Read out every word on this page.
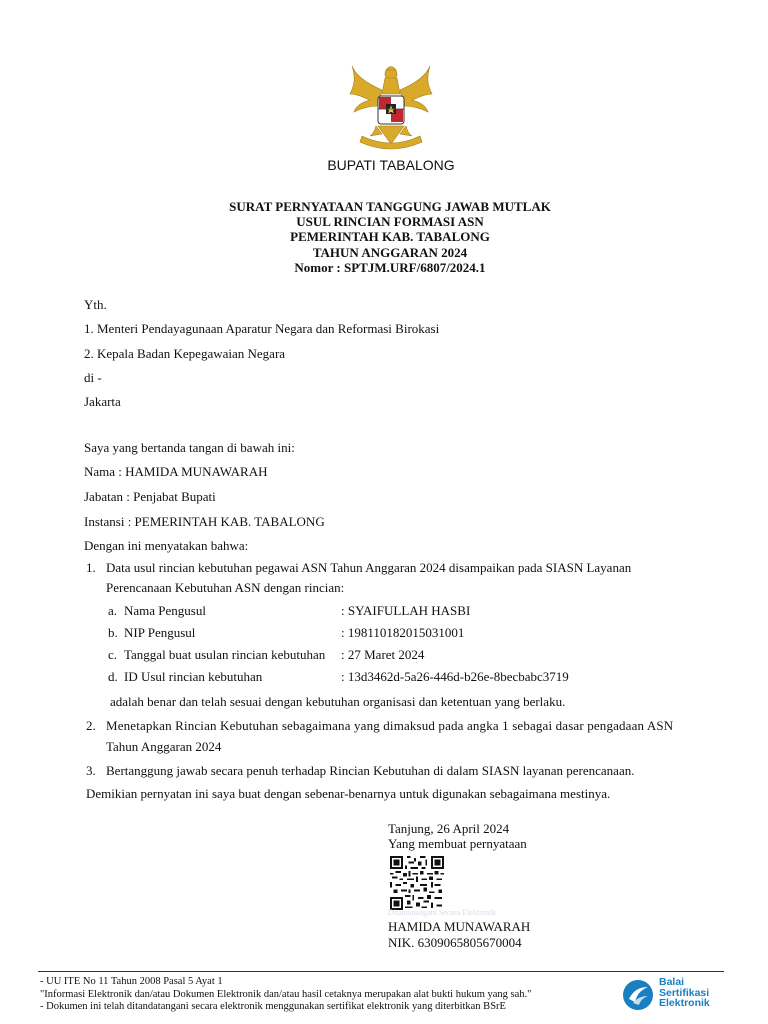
BUPATI TABALONG
SURAT PERNYATAAN TANGGUNG JAWAB MUTLAK
USUL RINCIAN FORMASI ASN
PEMERINTAH KAB. TABALONG
TAHUN ANGGARAN 2024
Nomor : SPTJM.URF/6807/2024.1
Yth.
1. Menteri Pendayagunaan Aparatur Negara dan Reformasi Birokasi
2. Kepala Badan Kepegawaian Negara
di -
Jakarta
Saya yang bertanda tangan di bawah ini:
Nama : HAMIDA MUNAWARAH
Jabatan : Penjabat Bupati
Instansi : PEMERINTAH KAB. TABALONG
Dengan ini menyatakan bahwa:
1. Data usul rincian kebutuhan pegawai ASN Tahun Anggaran 2024 disampaikan pada SIASN Layanan
Perencanaan Kebutuhan ASN dengan rincian:
a. Nama Pengusul	: SYAIFULLAH HASBI
b. NIP Pengusul	: 198110182015031001
c. Tanggal buat usulan rincian kebutuhan : 27 Maret 2024
d. ID Usul rincian kebutuhan	: 13d3462d-5a26-446d-b26e-8becbabc3719
adalah benar dan telah sesuai dengan kebutuhan organisasi dan ketentuan yang berlaku.
2. Menetapkan Rincian Kebutuhan sebagaimana yang dimaksud pada angka 1 sebagai dasar pengadaan ASN
Tahun Anggaran 2024
3. Bertanggung jawab secara penuh terhadap Rincian Kebutuhan di dalam SIASN layanan perencanaan.
Demikian pernyatan ini saya buat dengan sebenar-benarnya untuk digunakan sebagaimana mestinya.
Tanjung, 26 April 2024
Yang membuat pernyataan
Ditandatangani Secara Elektronik
HAMIDA MUNAWARAH
NIK. 6309065805670004
- UU ITE No 11 Tahun 2008 Pasal 5 Ayat 1
"Informasi Elektronik dan/atau Dokumen Elektronik dan/atau hasil cetaknya merupakan alat bukti hukum yang sah."
- Dokumen ini telah ditandatangani secara elektronik menggunakan sertifikat elektronik yang diterbitkan BSrE
Balai
Sertifikasi
Elektronik
